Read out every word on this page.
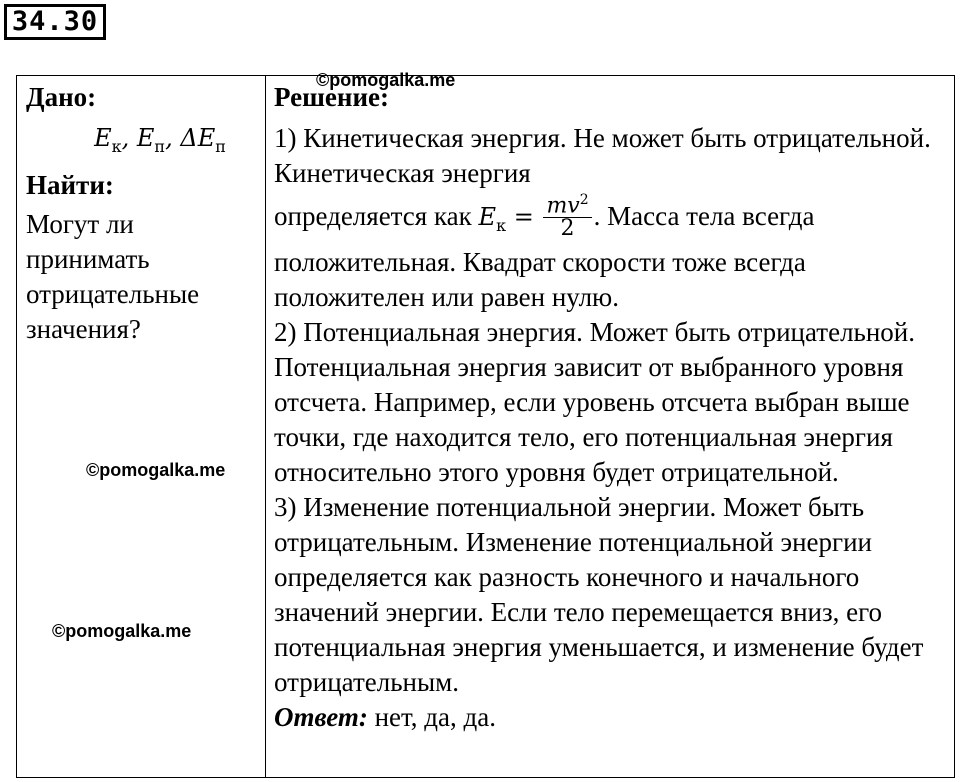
34.30
Дано:
$E_к$, $E_п$, $\Delta E_п$
Найти:
Могут ли принимать отрицательные значения?
Решение:

1) Кинетическая энергия. Не может быть отрицательной. Кинетическая энергия

определяется как $E_к = \frac{mv^2}{2}$ . Масса тела всегда

положительная. Квадрат скорости тоже всегда положителен или равен нулю.

2) Потенциальная энергия. Может быть отрицательной. Потенциальная энергия зависит от выбранного уровня отсчета. Например, если уровень отсчета выбран выше точки, где находится тело, его потенциальная энергия относительно этого уровня будет отрицательной.

3) Изменение потенциальной энергии. Может быть отрицательным. Изменение потенциальной энергии определяется как разность конечного и начального значений энергии. Если тело перемещается вниз, его потенциальная энергия уменьшается, и изменение будет отрицательным.

Ответ: нет, да, да.

©pomogalka.me
©pomogalka.me
©pomogalka.me
